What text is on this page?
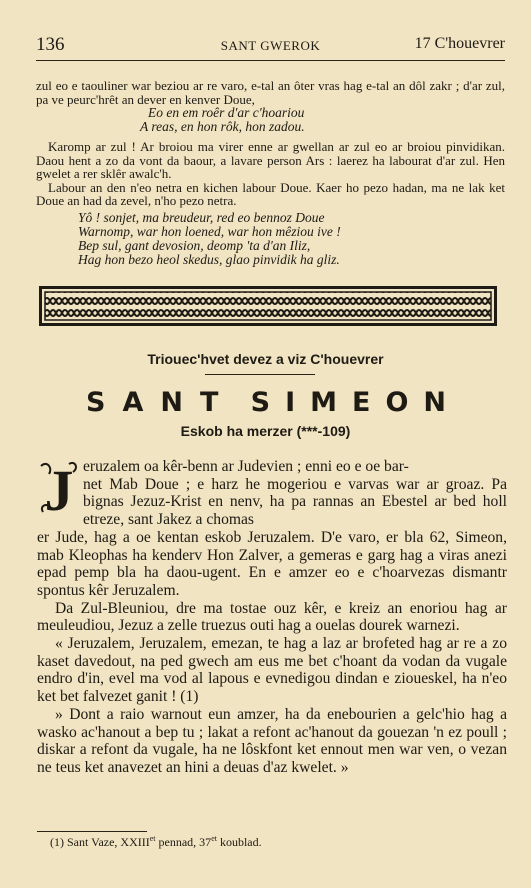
136	SANT GWEROK	17 C'houevrer

zul eo e taouliner war beziou ar re varo, e-tal an ôter vras hag e-tal an dôl zakr ; d'ar zul, pa ve peurc'hrêt an dever en kenver Doue,

Eo en em roêr d'ar c'hoariou

A reas, en hon rôk, hon zadou.

Karomp ar zul ! Ar broiou ma virer enne ar gwellan ar zul eo ar broiou pinvidikan. Daou hent a zo da vont da baour, a lavare person Ars : laerez ha labourat d'ar zul. Hen gwelet a rer sklêr awalc'h.

Labour an den n'eo netra en kichen labour Doue. Kaer ho pezo hadan, ma ne lak ket Doue an had da zevel, n'ho pezo netra.

Yô ! sonjet, ma breudeur, red eo bennoz Doue

Warnomp, war hon loened, war hon mêziou ive !

Bep sul, gant devosion, deomp 'ta d'an Iliz,

Hag hon bezo heol skedus, glao pinvidik ha gliz.

Triouec'hvet devez a viz C'houevrer
SANT SIMEON
Eskob ha merzer (***-109)
J eruzalem oa kêr-benn ar Judevien ; enni eo e oe bar-

net Mab Doue ; e harz he mogeriou e varvas war ar groaz. Pa bignas Jezuz-Krist en nenv, ha pa rannas an Ebestel ar bed holl etreze, sant Jakez a chomas

er Jude, hag a oe kentan eskob Jeruzalem. D'e varo, er bla 62, Simeon, mab Kleophas ha kenderv Hon Zalver, a gemeras e garg hag a viras anezi epad pemp bla ha daou-ugent. En e amzer eo e c'hoarvezas dismantr spontus kêr Jeruzalem.

Da Zul-Bleuniou, dre ma tostae ouz kêr, e kreiz an enoriou hag ar meuleudiou, Jezuz a zelle truezus outi hag a ouelas dourek warnezi.

« Jeruzalem, Jeruzalem, emezan, te hag a laz ar brofeted hag ar re a zo kaset davedout, na ped gwech am eus me bet c'hoant da vodan da vugale endro d'in, evel ma vod al lapous e evnedigou dindan e zioueskel, ha n'eo ket bet falvezet ganit ! (1)

» Dont a raio warnout eun amzer, ha da enebourien a gelc'hio hag a wasko ac'hanout a bep tu ; lakat a refont ac'hanout da gouezan 'n ez poull ; diskar a refont da vugale, ha ne lôskfont ket ennout men war ven, o vezan ne teus ket anavezet an hini a deuas d'az kwelet. »

(1) Sant Vaze, $XXIII^{et}$ pennad, $37^{et}$ koublad.
